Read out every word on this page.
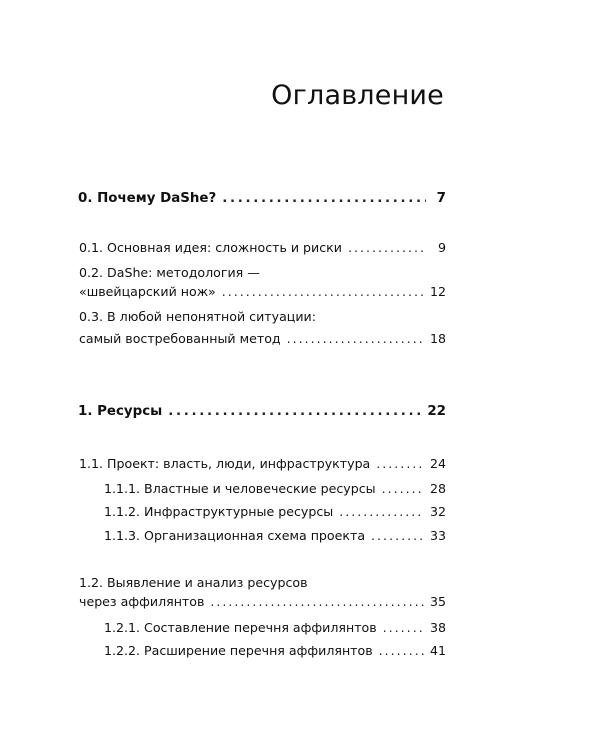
Оглавление
0. Почему DaShe? . . .	7
0.1. Основная идея: сложность и риски . . .	9
0.2. DaShe: методология —
«швейцарский нож» . . .	12
0.3. В любой непонятной ситуации:
самый востребованный метод . . .	18
1. Ресурсы . . .	22
1.1. Проект: власть, люди, инфраструктура . . .	24
1.1.1. Властные и человеческие ресурсы . . .	28
1.1.2. Инфраструктурные ресурсы . . .	32
1.1.3. Организационная схема проекта . . .	33
1.2. Выявление и анализ ресурсов
через аффилянтов . . .	35
1.2.1. Составление перечня аффилянтов . . .	38
1.2.2. Расширение перечня аффилянтов . . .	41
